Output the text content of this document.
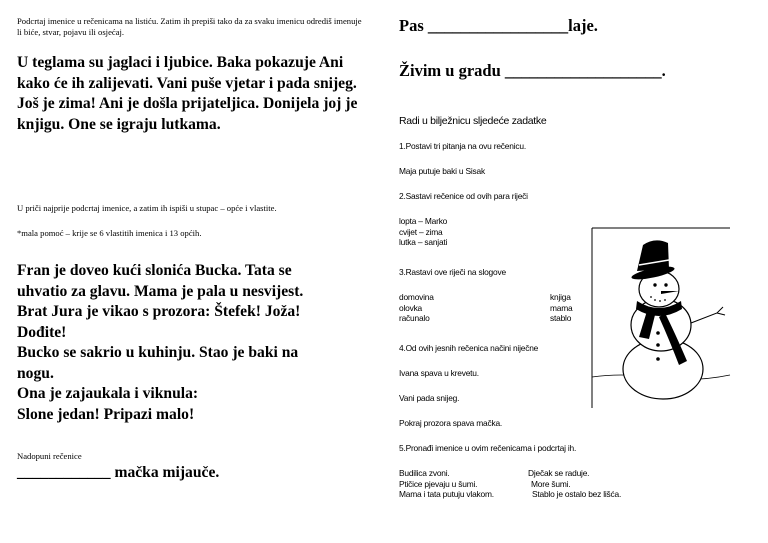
Podcrtaj imenice u rečenicama na listiću. Zatim ih prepiši tako da za svaku imenicu odrediš imenuje li biće, stvar, pojavu ili osjećaj.

U teglama su jaglaci i ljubice. Baka pokazuje Ani kako će ih zalijevati. Vani puše vjetar i pada snijeg. Još je zima! Ani je došla prijateljica. Donijela joj je knjigu. One se igraju lutkama.

U priči najprije podcrtaj imenice, a zatim ih ispiši u stupac – opće i vlastite.

*mala pomoć – krije se 6 vlastitih imenica i 13 općih.

Fran je doveo kući slonića Bucka. Tata se
uhvatio za glavu. Mama je pala u nesvijest.
Brat Jura je vikao s prozora: Štefek! Joža!
Dođite!
Bucko se sakrio u kuhinju. Stao je baki na
nogu.
Ona je zajaukala i viknula:
Slone jedan! Pripazi malo!

Nadopuni rečenice

____________ mačka mijauče.

Pas _________________laje.

Živim u gradu ___________________.

Radi u bilježnicu sljedeće zadatke

1.Postavi tri pitanja na ovu rečenicu.

Maja putuje baki u Sisak

2.Sastavi rečenice od ovih para riječi

lopta – Marko
cvijet – zima
lutka – sanjati

3.Rastavi ove riječi na slogove

domovina
olovka
računalo
knjiga
mama
stablo

4.Od ovih jesnih rečenica načini niječne

Ivana spava u krevetu.

Vani pada snijeg.

Pokraj prozora spava mačka.

5.Pronađi imenice u ovim rečenicama i podcrtaj ih.

Budilica zvoni.
Ptičice pjevaju u šumi.
Mama i tata putuju vlakom.
Dječak se raduje.
More šumi.
Stablo je ostalo bez lišća.
